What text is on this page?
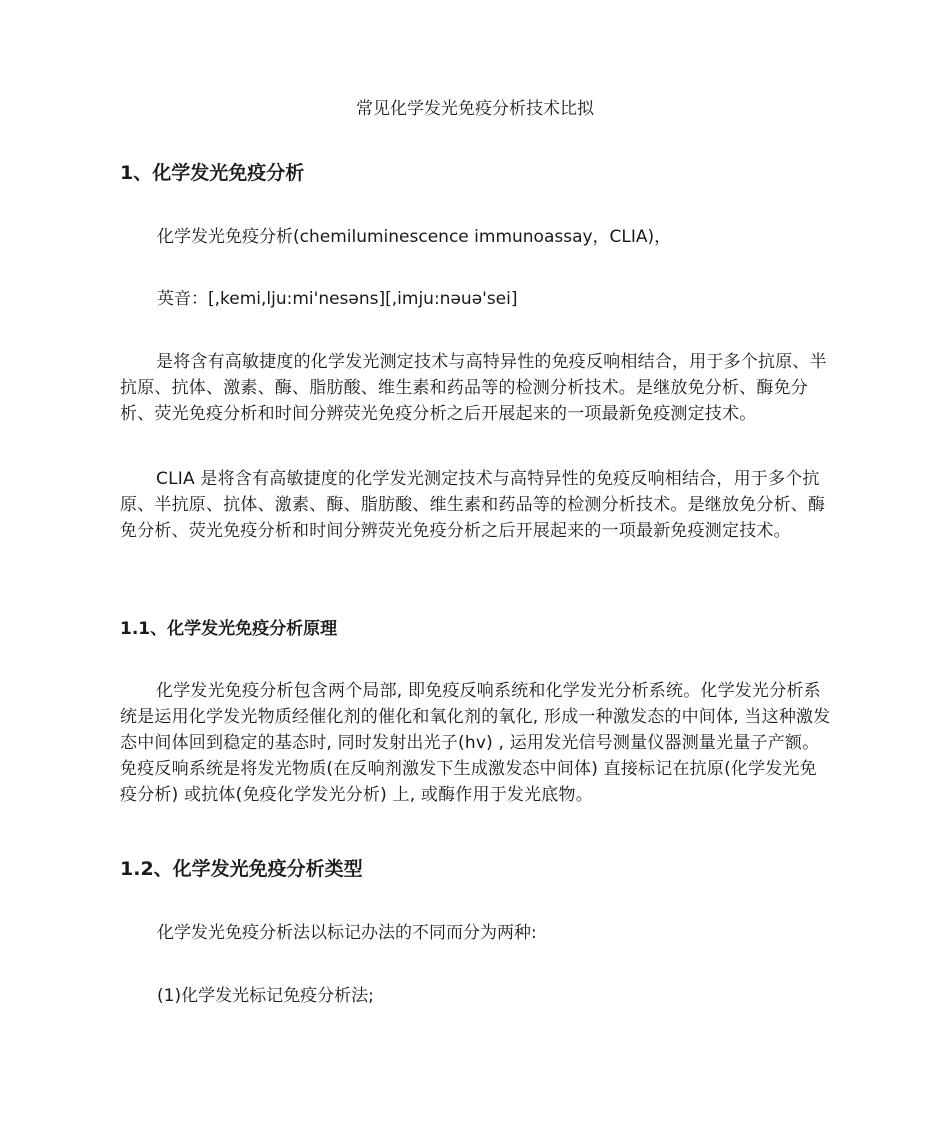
常见化学发光免疫分析技术比拟
1、化学发光免疫分析

化学发光免疫分析(chemiluminescence immunoassay，CLIA)，

英音：[,kemi,lju:mi'nesəns][,imju:nəuə'sei]

是将含有高敏捷度的化学发光测定技术与高特异性的免疫反响相结合，用于多个抗原、半抗原、抗体、激素、酶、脂肪酸、维生素和药品等的检测分析技术。是继放免分析、酶免分析、荧光免疫分析和时间分辨荧光免疫分析之后开展起来的一项最新免疫测定技术。

CLIA 是将含有高敏捷度的化学发光测定技术与高特异性的免疫反响相结合，用于多个抗原、半抗原、抗体、激素、酶、脂肪酸、维生素和药品等的检测分析技术。是继放免分析、酶免分析、荧光免疫分析和时间分辨荧光免疫分析之后开展起来的一项最新免疫测定技术。

1.1、化学发光免疫分析原理

化学发光免疫分析包含两个局部, 即免疫反响系统和化学发光分析系统。化学发光分析系统是运用化学发光物质经催化剂的催化和氧化剂的氧化, 形成一种激发态的中间体, 当这种激发态中间体回到稳定的基态时, 同时发射出光子(hv) , 运用发光信号测量仪器测量光量子产额。免疫反响系统是将发光物质(在反响剂激发下生成激发态中间体) 直接标记在抗原(化学发光免疫分析) 或抗体(免疫化学发光分析) 上, 或酶作用于发光底物。

1.2、化学发光免疫分析类型

化学发光免疫分析法以标记办法的不同而分为两种:

(1)化学发光标记免疫分析法;
